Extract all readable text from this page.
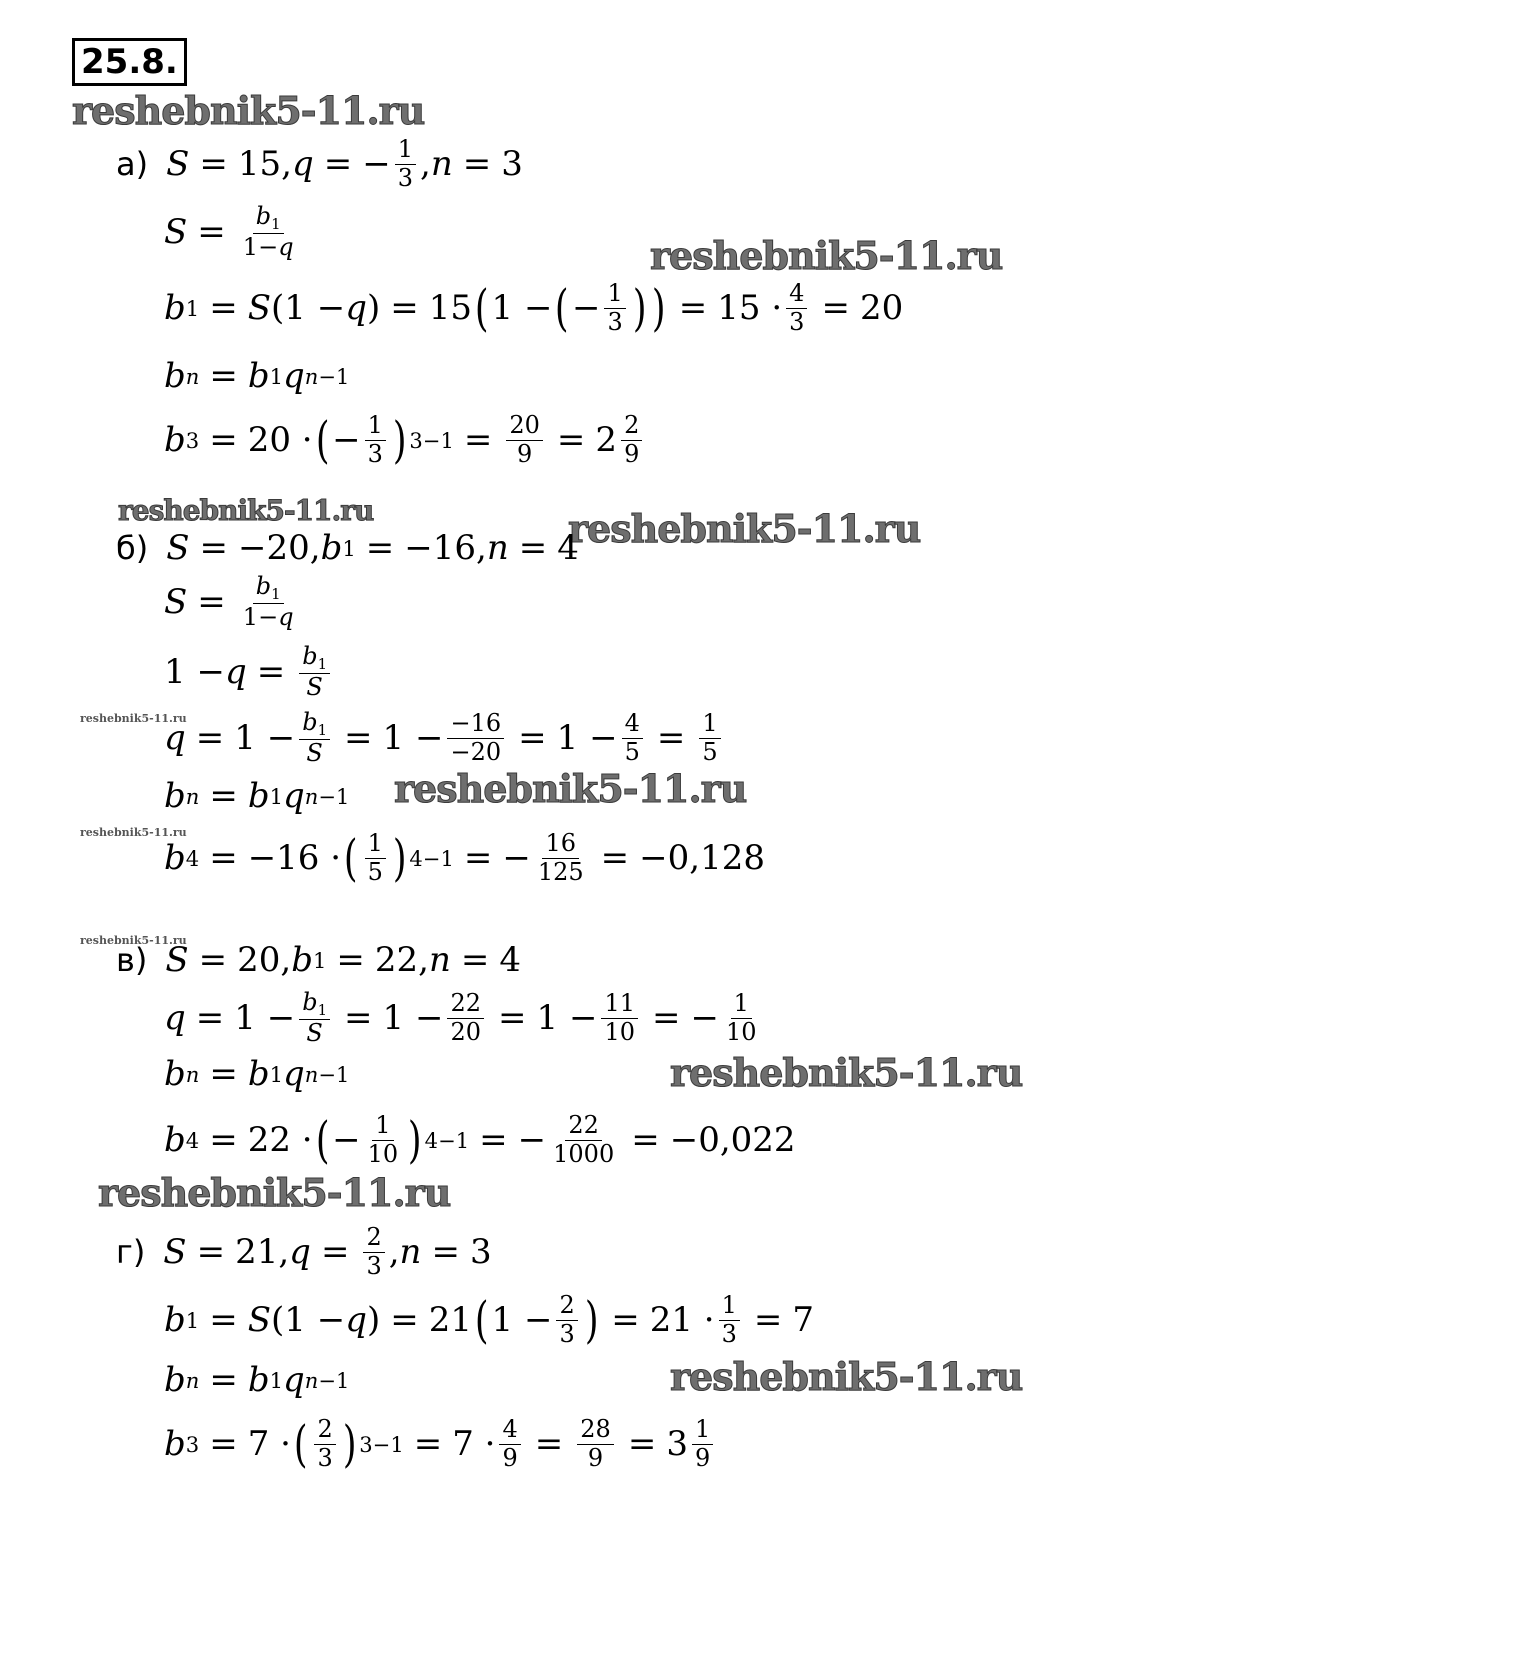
25.8.
reshebnik5-11.ru
reshebnik5-11.ru
reshebnik5-11.ru	reshebnik5-11.ru
reshebnik5-11.ru
reshebnik5-11.ru
reshebnik5-11.ru
reshebnik5-11.ru
reshebnik5-11.ru
reshebnik5-11.ru
reshebnik5-11.ru
а) S = 15, q = − $\frac{1}{3}$ , n = 3
$S = \frac{b_1}{1-q}$
b 1 = S (1 − q ) = 15 ( 1 − ( − $\frac{1}{3}$ ) ) = $15 \cdot \frac{4}{3} = 20$
b n = b 1 q n−1
b 3 = 20 · ( − $\frac{1}{3}$ ) $3-1 = \frac{20}{9} = 2 \frac{2}{9}$
б) S = −20, b 1 = −16, n = 4
$S = \frac{b_1}{1-q}$
$1 - q = \frac{b_1}{S}$
$q = 1 - \frac{b_1}{S} = 1 - \frac{-16}{-20} = 1 - \frac{4}{5} = \frac{1}{5}$
b n = b 1 q n−1
b 4 = −16 · ( $\frac{1}{5}$ ) 4−1 = − $\frac{16}{125} = -0,128$
в) S = 20, b 1 = 22, n = 4
$q = 1 - \frac{b_1}{S} = 1 - \frac{22}{20} = 1 - \frac{11}{10}$ = − $\frac{1}{10}$
b n = b 1 q n−1
b 4 = 22 · ( − $\frac{1}{10}$ ) 4−1 = − $\frac{22}{1000} = -0,022$
г) S = 21, $q = \frac{2}{3}$ , n = 3
b 1 = S (1 − q ) = 21 ( $1 - \frac{2}{3}$ ) = $21 \cdot \frac{1}{3} = 7$
b n = b 1 q n−1
b 3 = 7 · ( $\frac{2}{3}$ ) $3-1 = 7 \cdot \frac{4}{9} = \frac{28}{9} = 3 \frac{1}{9}$
